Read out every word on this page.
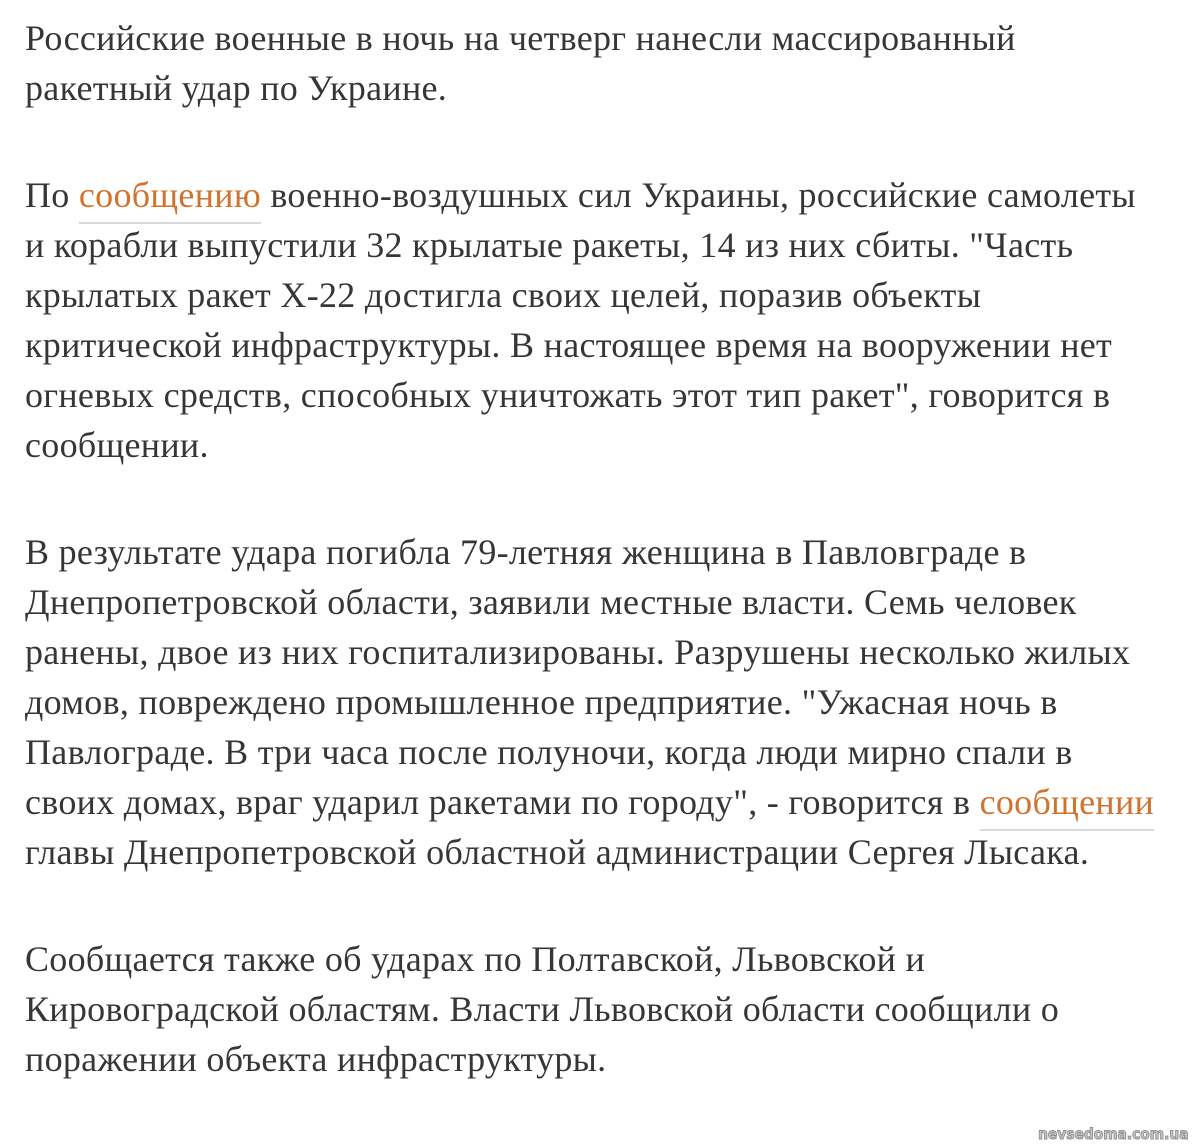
Российские военные в ночь на четверг нанесли массированный ракетный удар по Украине.

По сообщению военно-воздушных сил Украины, российские самолеты и корабли выпустили 32 крылатые ракеты, 14 из них сбиты. "Часть крылатых ракет Х-22 достигла своих целей, поразив объекты критической инфраструктуры. В настоящее время на вооружении нет огневых средств, способных уничтожать этот тип ракет", говорится в сообщении.

В результате удара погибла 79-летняя женщина в Павловграде в Днепропетровской области, заявили местные власти. Семь человек ранены, двое из них госпитализированы. Разрушены несколько жилых домов, повреждено промышленное предприятие. "Ужасная ночь в Павлограде. В три часа после полуночи, когда люди мирно спали в своих домах, враг ударил ракетами по городу", - говорится в сообщении главы Днепропетровской областной администрации Сергея Лысака.

Сообщается также об ударах по Полтавской, Львовской и Кировоградской областям. Власти Львовской области сообщили о поражении объекта инфраструктуры.

nevsedoma.com.ua
